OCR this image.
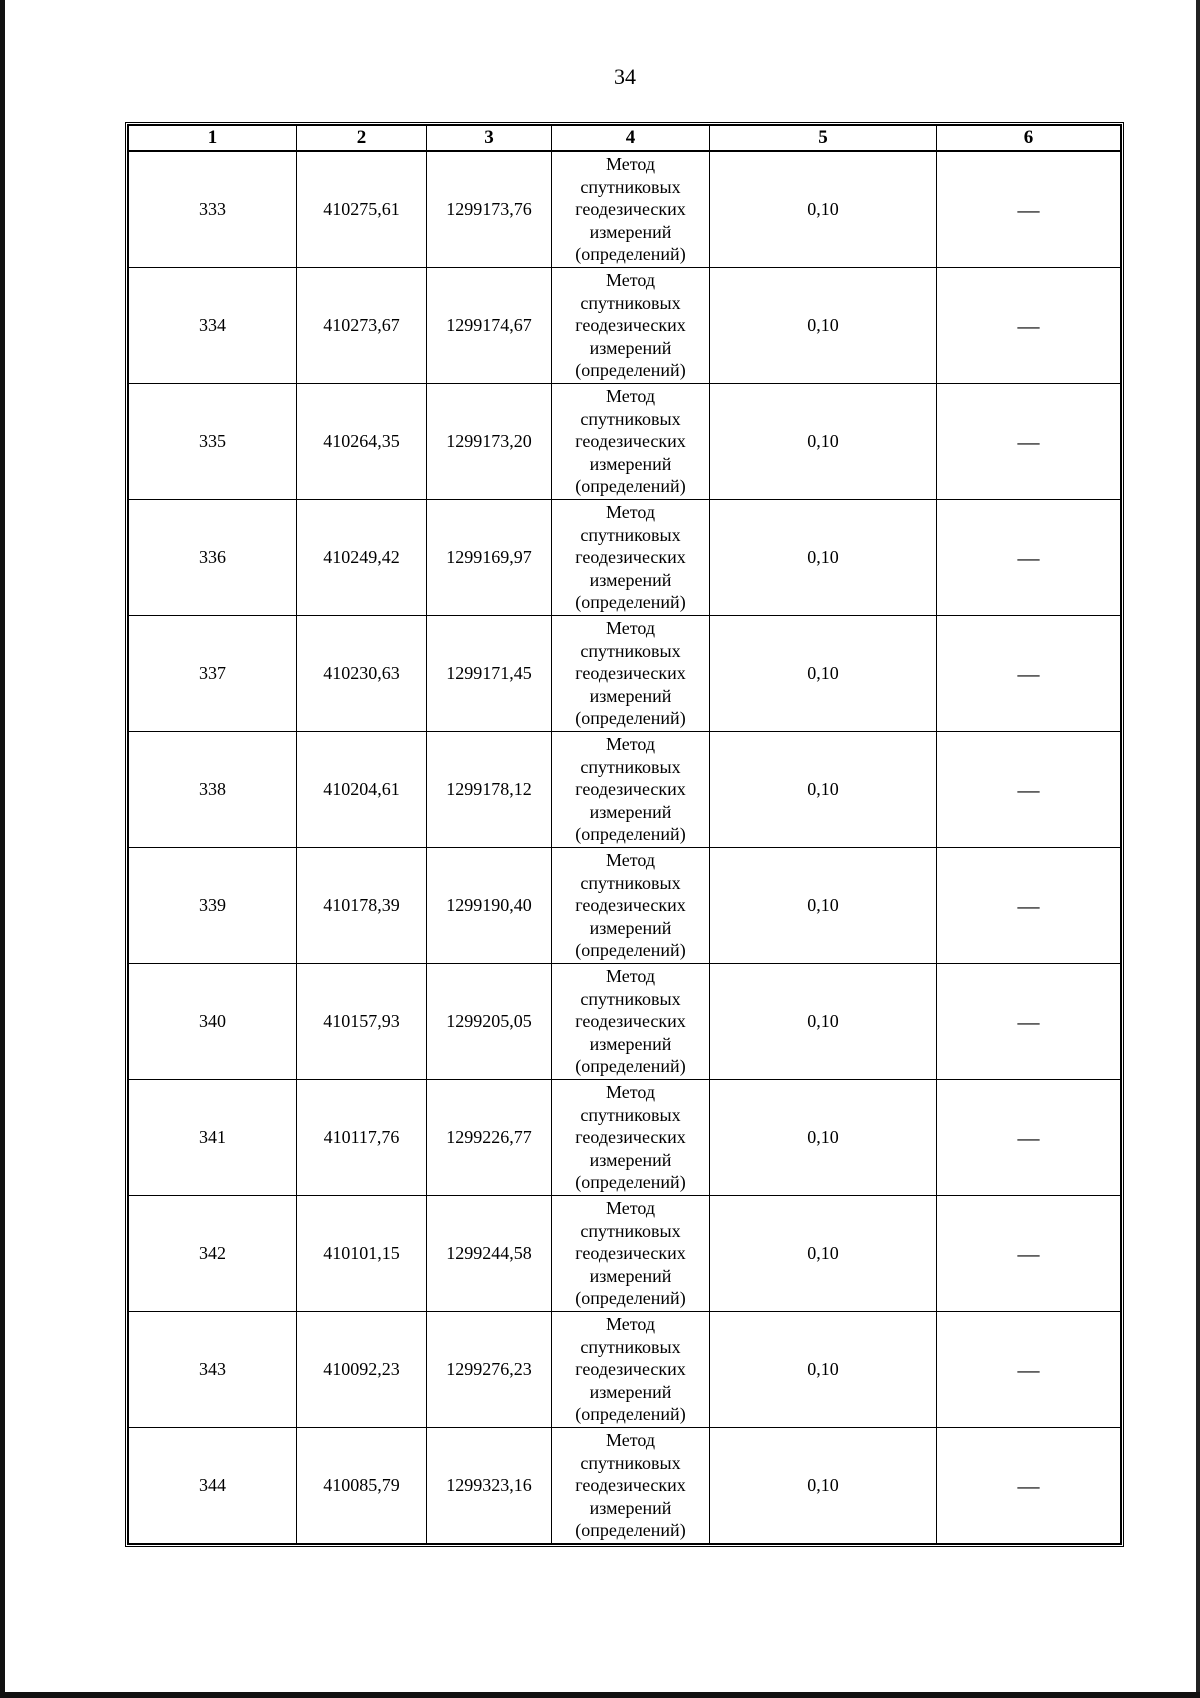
34
1	2	3	4	5	6
333	410275,61	1299173,76	Метод
спутниковых
геодезических
измерений
(определений)	0,10	—
334	410273,67	1299174,67	Метод
спутниковых
геодезических
измерений
(определений)	0,10	—
335	410264,35	1299173,20	Метод
спутниковых
геодезических
измерений
(определений)	0,10	—
336	410249,42	1299169,97	Метод
спутниковых
геодезических
измерений
(определений)	0,10	—
337	410230,63	1299171,45	Метод
спутниковых
геодезических
измерений
(определений)	0,10	—
338	410204,61	1299178,12	Метод
спутниковых
геодезических
измерений
(определений)	0,10	—
339	410178,39	1299190,40	Метод
спутниковых
геодезических
измерений
(определений)	0,10	—
340	410157,93	1299205,05	Метод
спутниковых
геодезических
измерений
(определений)	0,10	—
341	410117,76	1299226,77	Метод
спутниковых
геодезических
измерений
(определений)	0,10	—
342	410101,15	1299244,58	Метод
спутниковых
геодезических
измерений
(определений)	0,10	—
343	410092,23	1299276,23	Метод
спутниковых
геодезических
измерений
(определений)	0,10	—
344	410085,79	1299323,16	Метод
спутниковых
геодезических
измерений
(определений)	0,10	—
